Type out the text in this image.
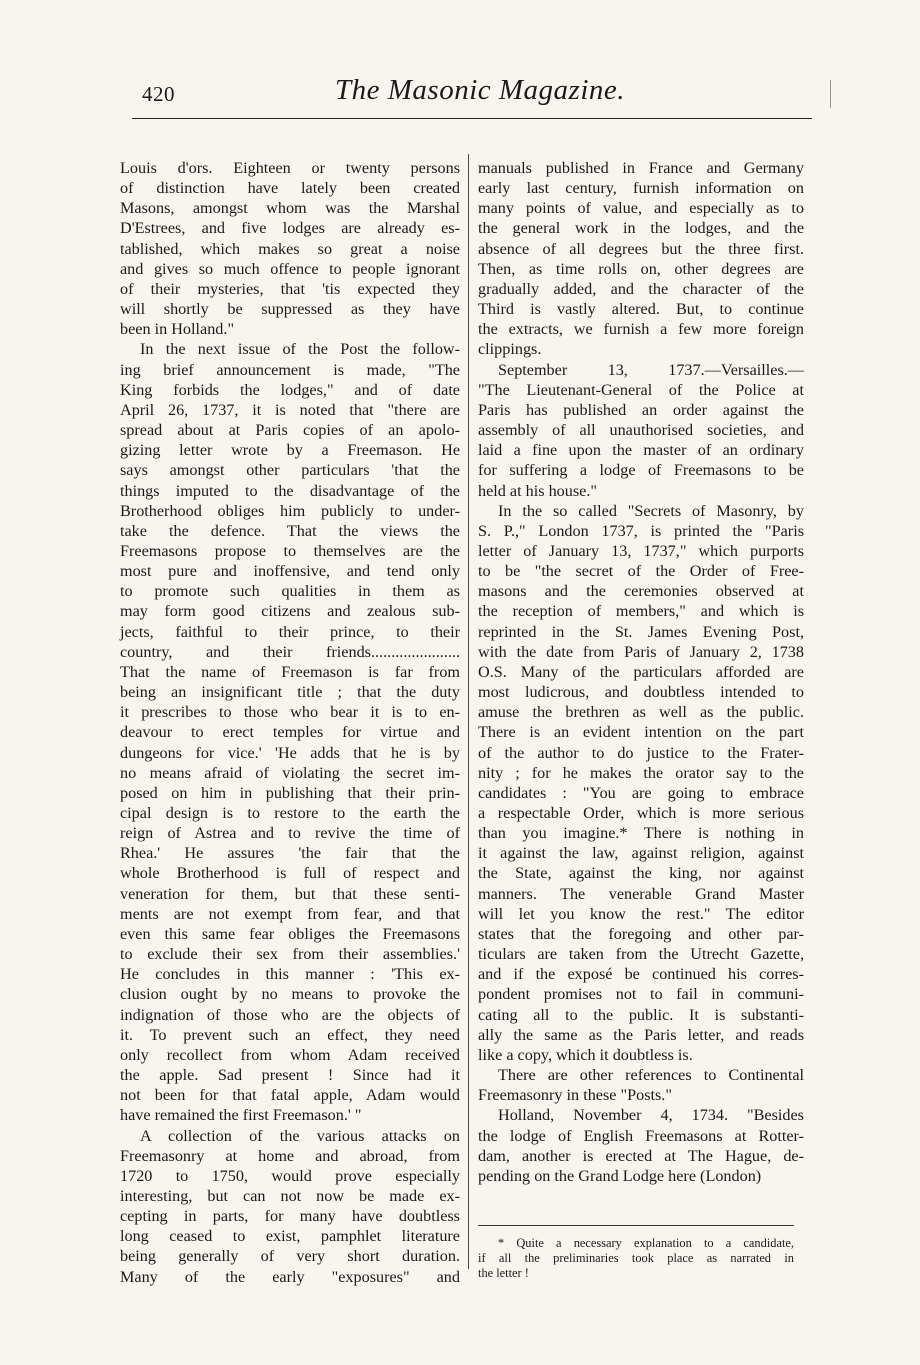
420	The Masonic Magazine.
Louis d'ors. Eighteen or twenty persons
of distinction have lately been created
Masons, amongst whom was the Marshal
D'Estrees, and five lodges are already es-
tablished, which makes so great a noise
and gives so much offence to people ignorant
of their mysteries, that 'tis expected they
will shortly be suppressed as they have
been in Holland."
In the next issue of the Post the follow-
ing brief announcement is made, "The
King forbids the lodges," and of date
April 26, 1737, it is noted that "there are
spread about at Paris copies of an apolo-
gizing letter wrote by a Freemason. He
says amongst other particulars 'that the
things imputed to the disadvantage of the
Brotherhood obliges him publicly to under-
take the defence. That the views the
Freemasons propose to themselves are the
most pure and inoffensive, and tend only
to promote such qualities in them as
may form good citizens and zealous sub-
jects, faithful to their prince, to their
country, and their friends......................
That the name of Freemason is far from
being an insignificant title ; that the duty
it prescribes to those who bear it is to en-
deavour to erect temples for virtue and
dungeons for vice.' 'He adds that he is by
no means afraid of violating the secret im-
posed on him in publishing that their prin-
cipal design is to restore to the earth the
reign of Astrea and to revive the time of
Rhea.' He assures 'the fair that the
whole Brotherhood is full of respect and
veneration for them, but that these senti-
ments are not exempt from fear, and that
even this same fear obliges the Freemasons
to exclude their sex from their assemblies.'
He concludes in this manner : 'This ex-
clusion ought by no means to provoke the
indignation of those who are the objects of
it. To prevent such an effect, they need
only recollect from whom Adam received
the apple. Sad present ! Since had it
not been for that fatal apple, Adam would
have remained the first Freemason.' "
A collection of the various attacks on
Freemasonry at home and abroad, from
1720 to 1750, would prove especially
interesting, but can not now be made ex-
cepting in parts, for many have doubtless
long ceased to exist, pamphlet literature
being generally of very short duration.
Many of the early "exposures" and
manuals published in France and Germany
early last century, furnish information on
many points of value, and especially as to
the general work in the lodges, and the
absence of all degrees but the three first.
Then, as time rolls on, other degrees are
gradually added, and the character of the
Third is vastly altered. But, to continue
the extracts, we furnish a few more foreign
clippings.
September 13, 1737.—Versailles.—
"The Lieutenant-General of the Police at
Paris has published an order against the
assembly of all unauthorised societies, and
laid a fine upon the master of an ordinary
for suffering a lodge of Freemasons to be
held at his house."
In the so called "Secrets of Masonry, by
S. P.," London 1737, is printed the "Paris
letter of January 13, 1737," which purports
to be "the secret of the Order of Free-
masons and the ceremonies observed at
the reception of members," and which is
reprinted in the St. James Evening Post,
with the date from Paris of January 2, 1738
O.S. Many of the particulars afforded are
most ludicrous, and doubtless intended to
amuse the brethren as well as the public.
There is an evident intention on the part
of the author to do justice to the Frater-
nity ; for he makes the orator say to the
candidates : "You are going to embrace
a respectable Order, which is more serious
than you imagine.* There is nothing in
it against the law, against religion, against
the State, against the king, nor against
manners. The venerable Grand Master
will let you know the rest." The editor
states that the foregoing and other par-
ticulars are taken from the Utrecht Gazette,
and if the exposé be continued his corres-
pondent promises not to fail in communi-
cating all to the public. It is substanti-
ally the same as the Paris letter, and reads
like a copy, which it doubtless is.
There are other references to Continental
Freemasonry in these "Posts."
Holland, November 4, 1734. "Besides
the lodge of English Freemasons at Rotter-
dam, another is erected at The Hague, de-
pending on the Grand Lodge here (London)
* Quite a necessary explanation to a candidate,
if all the preliminaries took place as narrated in
the letter !
